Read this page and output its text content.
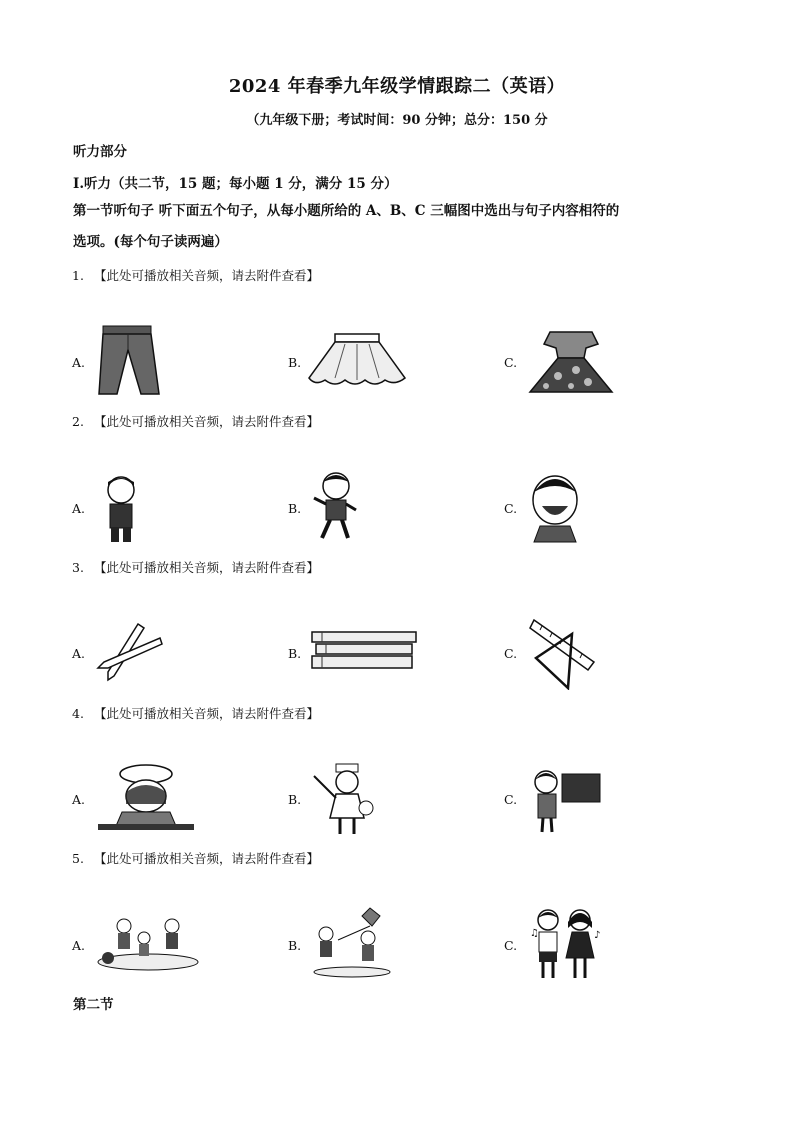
2024 年春季九年级学情跟踪二（英语）
（九年级下册；考试时间：90 分钟；总分：150 分
听力部分
I.听力（共二节，15 题；每小题 1 分，满分 15 分）
第一节听句子 听下面五个句子，从每小题所给的 A、B、C 三幅图中选出与句子内容相符的
选项。(每个句子读两遍）
1. 【此处可播放相关音频，请去附件查看】
A.	B.	C.
2. 【此处可播放相关音频，请去附件查看】
A.	B.	C.
3. 【此处可播放相关音频，请去附件查看】
A.	B.	C.
4. 【此处可播放相关音频，请去附件查看】
A.	B.	C.
5. 【此处可播放相关音频，请去附件查看】
A.	B.	C.
♪
♫
第二节
